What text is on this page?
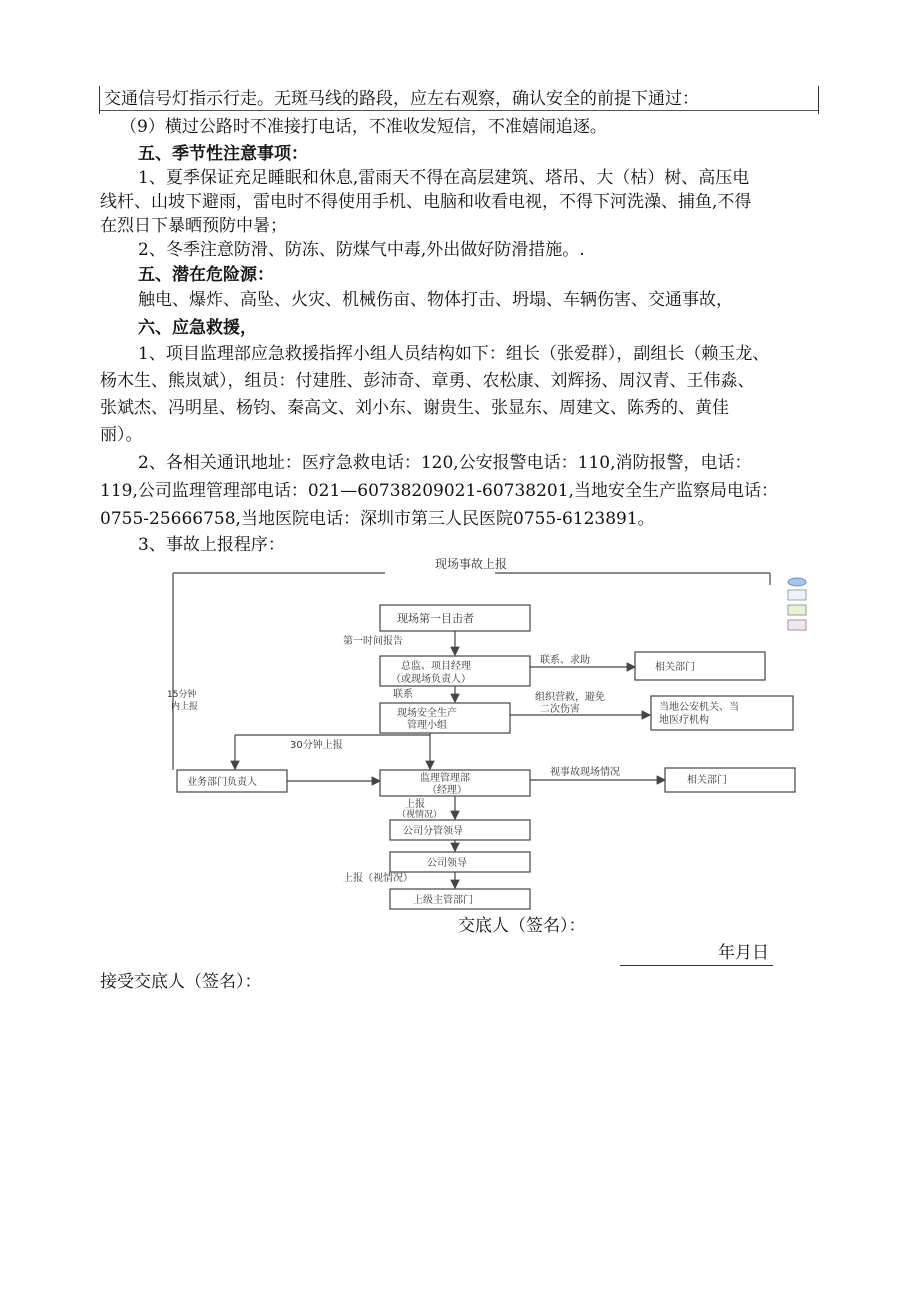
交通信号灯指示行走。无斑马线的路段，应左右观察，确认安全的前提下通过：
（9）横过公路时不准接打电话，不准收发短信，不准嬉闹追逐。
五、季节性注意事项：
1、夏季保证充足睡眠和休息,雷雨天不得在高层建筑、塔吊、大（枯）树、高压电
线杆、山坡下避雨，雷电时不得使用手机、电脑和收看电视，不得下河洗澡、捕鱼,不得
在烈日下暴晒预防中暑；
2、冬季注意防滑、防冻、防煤气中毒,外出做好防滑措施。.
五、潜在危险源：
触电、爆炸、高坠、火灾、机械伤亩、物体打击、坍塌、车辆伤害、交通事故，
六、应急救援，
1、项目监理部应急救援指挥小组人员结构如下：组长（张爱群），副组长（赖玉龙、
杨木生、熊岚斌），组员：付建胜、彭沛奇、章勇、农松康、刘辉扬、周汉青、王伟淼、
张斌杰、冯明星、杨钧、秦高文、刘小东、谢贵生、张显东、周建文、陈秀的、黄佳
丽）。
2、各相关通讯地址：医疗急救电话：120,公安报警电话：110,消防报警，电话：
119,公司监理管理部电话：021—60738209021-60738201,当地安全生产监察局电话：
0755-25666758,当地医院电话：深圳市第三人民医院0755-6123891。
3、事故上报程序：
现场事故上报
现场第一目击者
第一时间报告
总监、项目经理
（或现场负责人）
联系、求助
相关部门
联系
现场安全生产
管理小组
组织营救，避免
二次伤害	当地公安机关、当
地医疗机构
15分钟
内上报
30分钟上报
业务部门负责人	监理管理部
（经理）
视事故现场情况
相关部门
上报
（视情况）
公司分管领导
公司领导
上报（视情况）
上级主管部门
交底人（签名）：
年月日
接受交底人（签名）：
